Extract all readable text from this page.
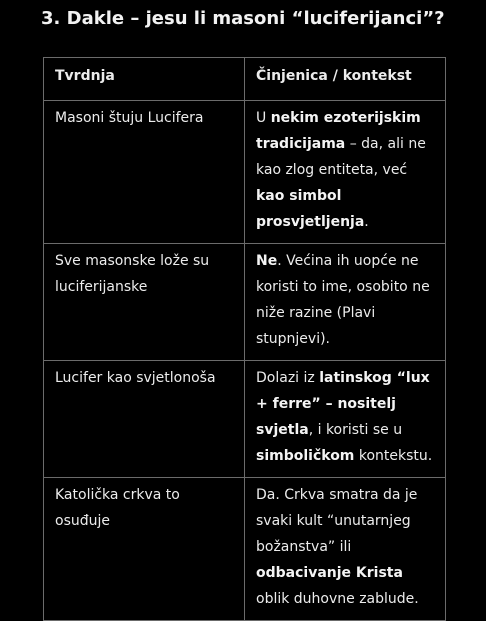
3. Dakle – jesu li masoni “luciferijanci”?
Tvrdnja	Činjenica / kontekst
Masoni štuju Lucifera	U nekim ezoterijskim tradicijama – da, ali ne kao zlog entiteta, već kao simbol prosvjetljenja.
Sve masonske lože su luciferijanske	Ne. Većina ih uopće ne koristi to ime, osobito ne niže razine (Plavi stupnjevi).
Lucifer kao svjetlonoša	Dolazi iz latinskog “lux + ferre” – nositelj svjetla, i koristi se u simboličkom kontekstu.
Katolička crkva to osuđuje	Da. Crkva smatra da je svaki kult “unutarnjeg božanstva” ili odbacivanje Krista oblik duhovne zablude.
